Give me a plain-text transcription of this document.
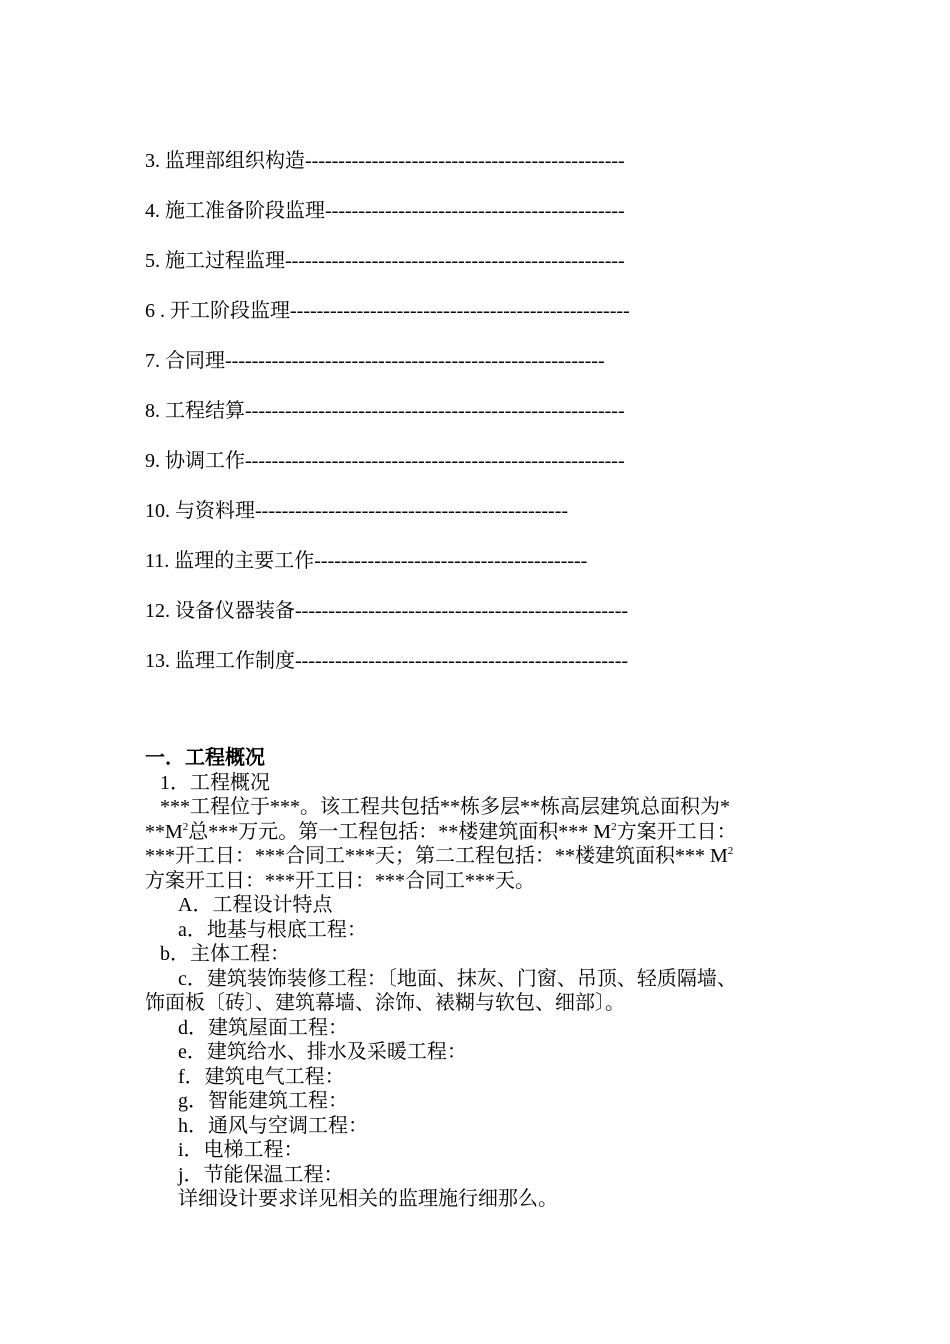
3. 监理部组织构造------------------------------------------------
4. 施工准备阶段监理---------------------------------------------
5. 施工过程监理---------------------------------------------------
6 . 开工阶段监理---------------------------------------------------
7. 合同理---------------------------------------------------------
8. 工程结算---------------------------------------------------------
9. 协调工作---------------------------------------------------------
10. 与资料理-----------------------------------------------
11. 监理的主要工作-----------------------------------------
12. 设备仪器装备--------------------------------------------------
13. 监理工作制度--------------------------------------------------
一．工程概况
1．工程概况
***工程位于***。该工程共包括**栋多层**栋高层建筑总面积为*
$**M^2$总***万元。第一工程包括：**楼建筑面积*** $M^2$方案开工日：
***开工日：***合同工***天；第二工程包括：**楼建筑面积*** $M^2$
方案开工日：***开工日：***合同工***天。
A．工程设计特点
a．地基与根底工程：
b．主体工程：
c．建筑装饰装修工程：〔地面、抹灰、门窗、吊顶、轻质隔墙、
饰面板〔砖〕、建筑幕墙、涂饰、裱糊与软包、细部〕。
d．建筑屋面工程：
e．建筑给水、排水及采暖工程：
f．建筑电气工程：
g．智能建筑工程：
h．通风与空调工程：
i．电梯工程：
j．节能保温工程：
详细设计要求详见相关的监理施行细那么。
